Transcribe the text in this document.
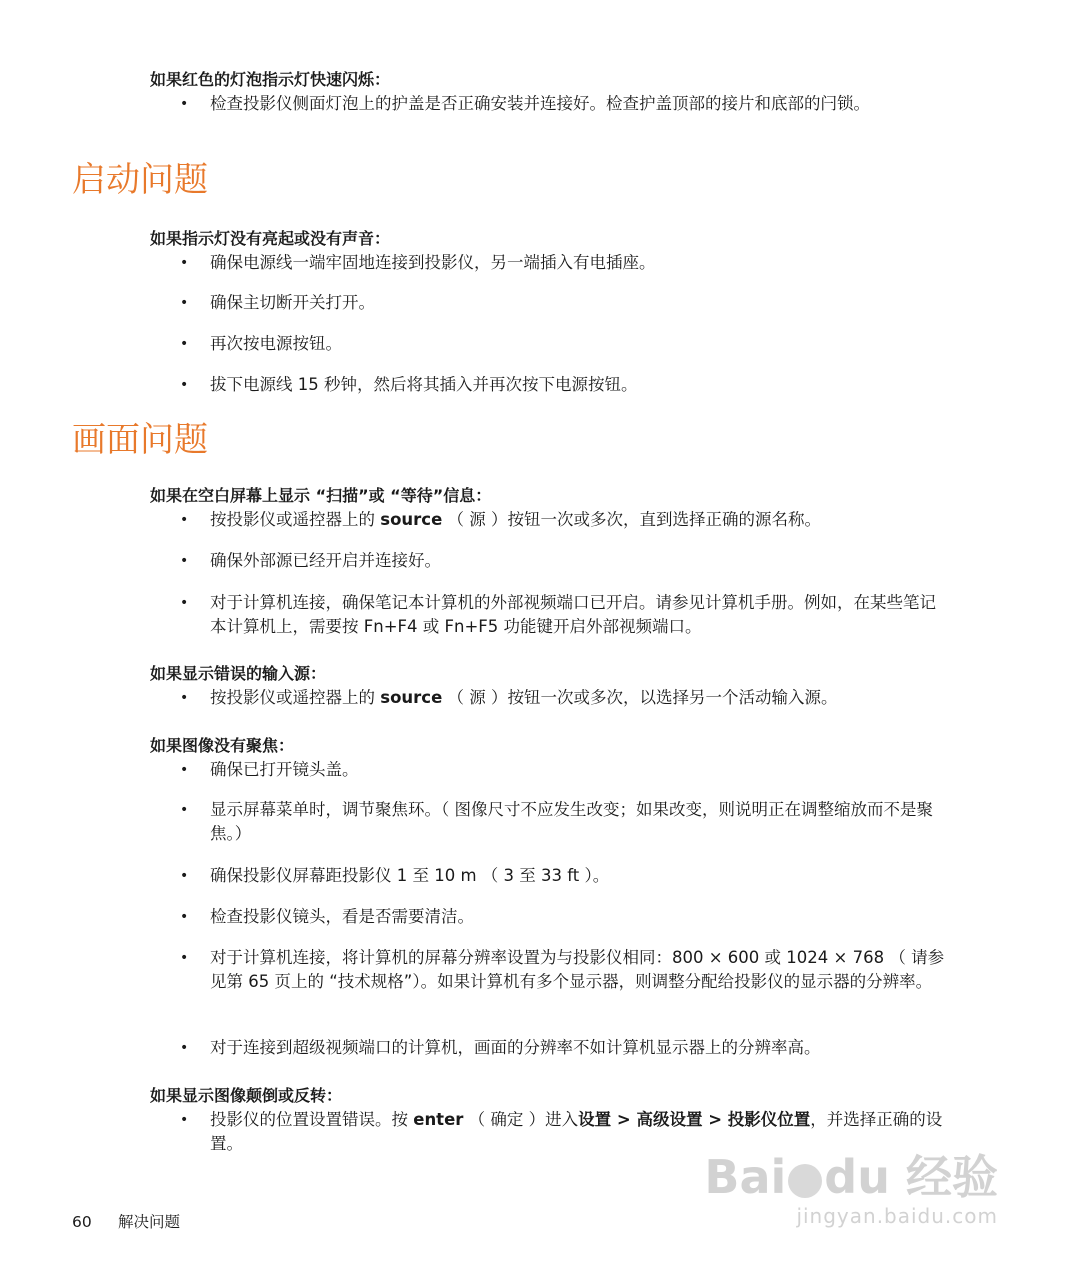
如果红色的灯泡指示灯快速闪烁：

• 检查投影仪侧面灯泡上的护盖是否正确安装并连接好。检查护盖顶部的接片和底部的闩锁。
启动问题

如果指示灯没有亮起或没有声音：

• 确保电源线一端牢固地连接到投影仪，另一端插入有电插座。
• 确保主切断开关打开。
• 再次按电源按钮。
• 拔下电源线 15 秒钟，然后将其插入并再次按下电源按钮。
画面问题

如果在空白屏幕上显示 “扫描”或 “等待”信息：

• 按投影仪或遥控器上的 source （ 源 ）按钮一次或多次，直到选择正确的源名称。
• 确保外部源已经开启并连接好。
• 对于计算机连接，确保笔记本计算机的外部视频端口已开启。请参见计算机手册。例如，在某些笔记本计算机上，需要按 Fn+F4 或 Fn+F5 功能键开启外部视频端口。

如果显示错误的输入源：

• 按投影仪或遥控器上的 source （ 源 ）按钮一次或多次，以选择另一个活动输入源。

如果图像没有聚焦：

• 确保已打开镜头盖。
• 显示屏幕菜单时，调节聚焦环。（ 图像尺寸不应发生改变；如果改变，则说明正在调整缩放而不是聚焦。）
• 确保投影仪屏幕距投影仪 1 至 10 m （ 3 至 33 ft ）。
• 检查投影仪镜头，看是否需要清洁。
• 对于计算机连接，将计算机的屏幕分辨率设置为与投影仪相同：800 × 600 或 1024 × 768 （ 请参见第 65 页上的 “技术规格”）。如果计算机有多个显示器，则调整分配给投影仪的显示器的分辨率。
• 对于连接到超级视频端口的计算机，画面的分辨率不如计算机显示器上的分辨率高。

如果显示图像颠倒或反转：

• 投影仪的位置设置错误。按 enter （ 确定 ）进入设置 > 高级设置 > 投影仪位置，并选择正确的设置。
Bai du 经验
jingyan.baidu.com
60 解决问题
